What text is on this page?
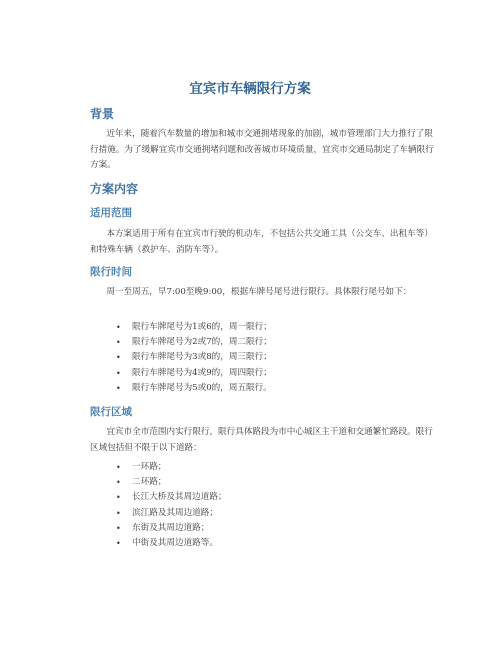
宜宾市车辆限行方案
背景

近年来，随着汽车数量的增加和城市交通拥堵现象的加剧，城市管理部门大力推行了限行措施。为了缓解宜宾市交通拥堵问题和改善城市环境质量，宜宾市交通局制定了车辆限行方案。

方案内容
适用范围

本方案适用于所有在宜宾市行驶的机动车，不包括公共交通工具（公交车、出租车等）和特殊车辆（救护车、消防车等）。

限行时间

周一至周五，早7:00至晚9:00，根据车牌号尾号进行限行。具体限行尾号如下：

• 限行车牌尾号为1或6的，周一限行；
• 限行车牌尾号为2或7的，周二限行；
• 限行车牌尾号为3或8的，周三限行；
• 限行车牌尾号为4或9的，周四限行；
• 限行车牌尾号为5或0的，周五限行。
限行区域

宜宾市全市范围内实行限行，限行具体路段为市中心城区主干道和交通繁忙路段。限行区域包括但不限于以下道路：

• 一环路；
• 二环路；
• 长江大桥及其周边道路；
• 滨江路及其周边道路；
• 东街及其周边道路；
• 中街及其周边道路等。
